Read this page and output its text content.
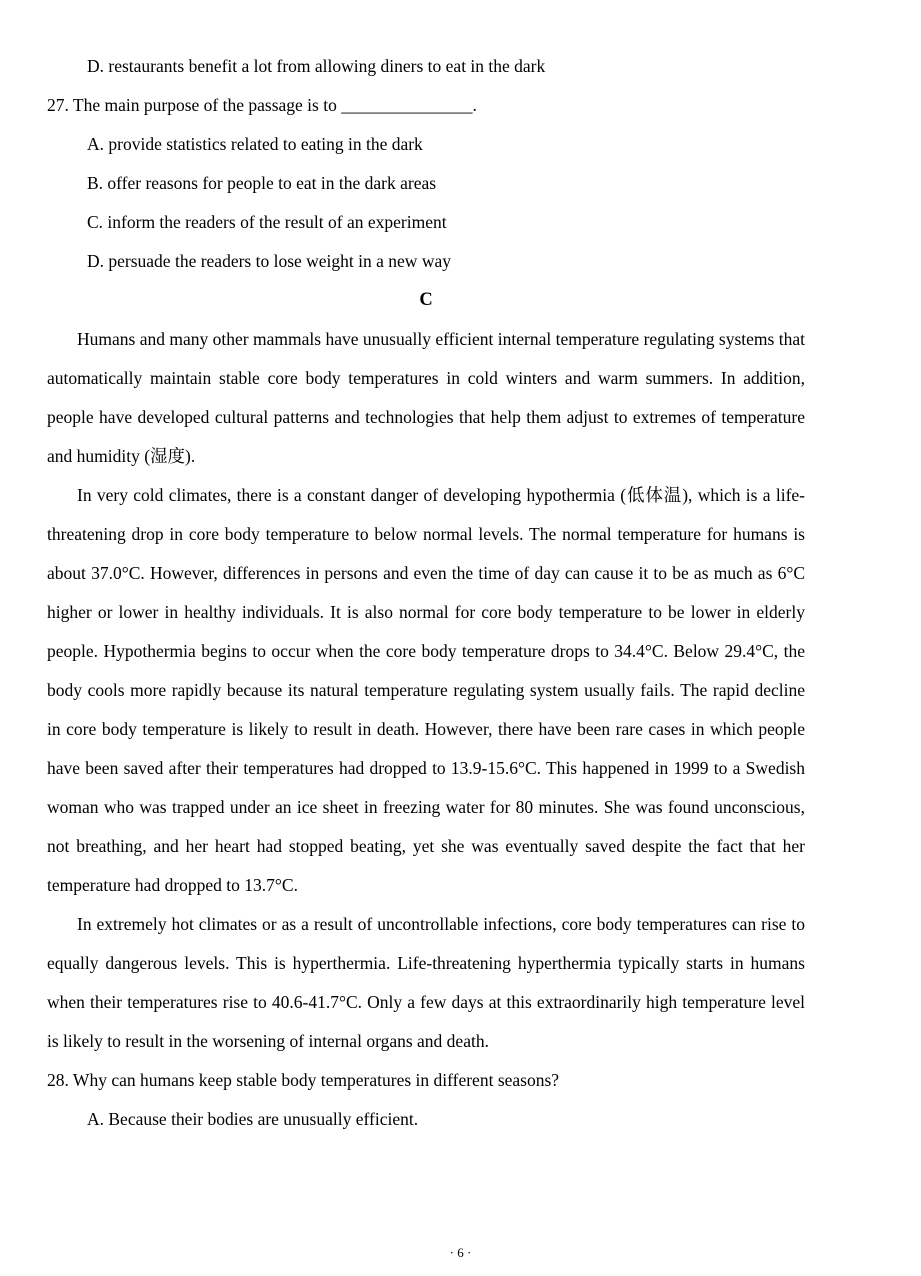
D. restaurants benefit a lot from allowing diners to eat in the dark
27. The main purpose of the passage is to _______________.
A. provide statistics related to eating in the dark
B. offer reasons for people to eat in the dark areas
C. inform the readers of the result of an experiment
D. persuade the readers to lose weight in a new way
C

Humans and many other mammals have unusually efficient internal temperature regulating systems that automatically maintain stable core body temperatures in cold winters and warm summers. In addition, people have developed cultural patterns and technologies that help them adjust to extremes of temperature and humidity (湿度).

In very cold climates, there is a constant danger of developing hypothermia (低体温), which is a life-threatening drop in core body temperature to below normal levels. The normal temperature for humans is about 37.0°C. However, differences in persons and even the time of day can cause it to be as much as 6°C higher or lower in healthy individuals. It is also normal for core body temperature to be lower in elderly people. Hypothermia begins to occur when the core body temperature drops to 34.4°C. Below 29.4°C, the body cools more rapidly because its natural temperature regulating system usually fails. The rapid decline in core body temperature is likely to result in death. However, there have been rare cases in which people have been saved after their temperatures had dropped to 13.9-15.6°C. This happened in 1999 to a Swedish woman who was trapped under an ice sheet in freezing water for 80 minutes. She was found unconscious, not breathing, and her heart had stopped beating, yet she was eventually saved despite the fact that her temperature had dropped to 13.7°C.

In extremely hot climates or as a result of uncontrollable infections, core body temperatures can rise to equally dangerous levels. This is hyperthermia. Life-threatening hyperthermia typically starts in humans when their temperatures rise to 40.6-41.7°C. Only a few days at this extraordinarily high temperature level is likely to result in the worsening of internal organs and death.

28. Why can humans keep stable body temperatures in different seasons?
A. Because their bodies are unusually efficient.
· 6 ·
